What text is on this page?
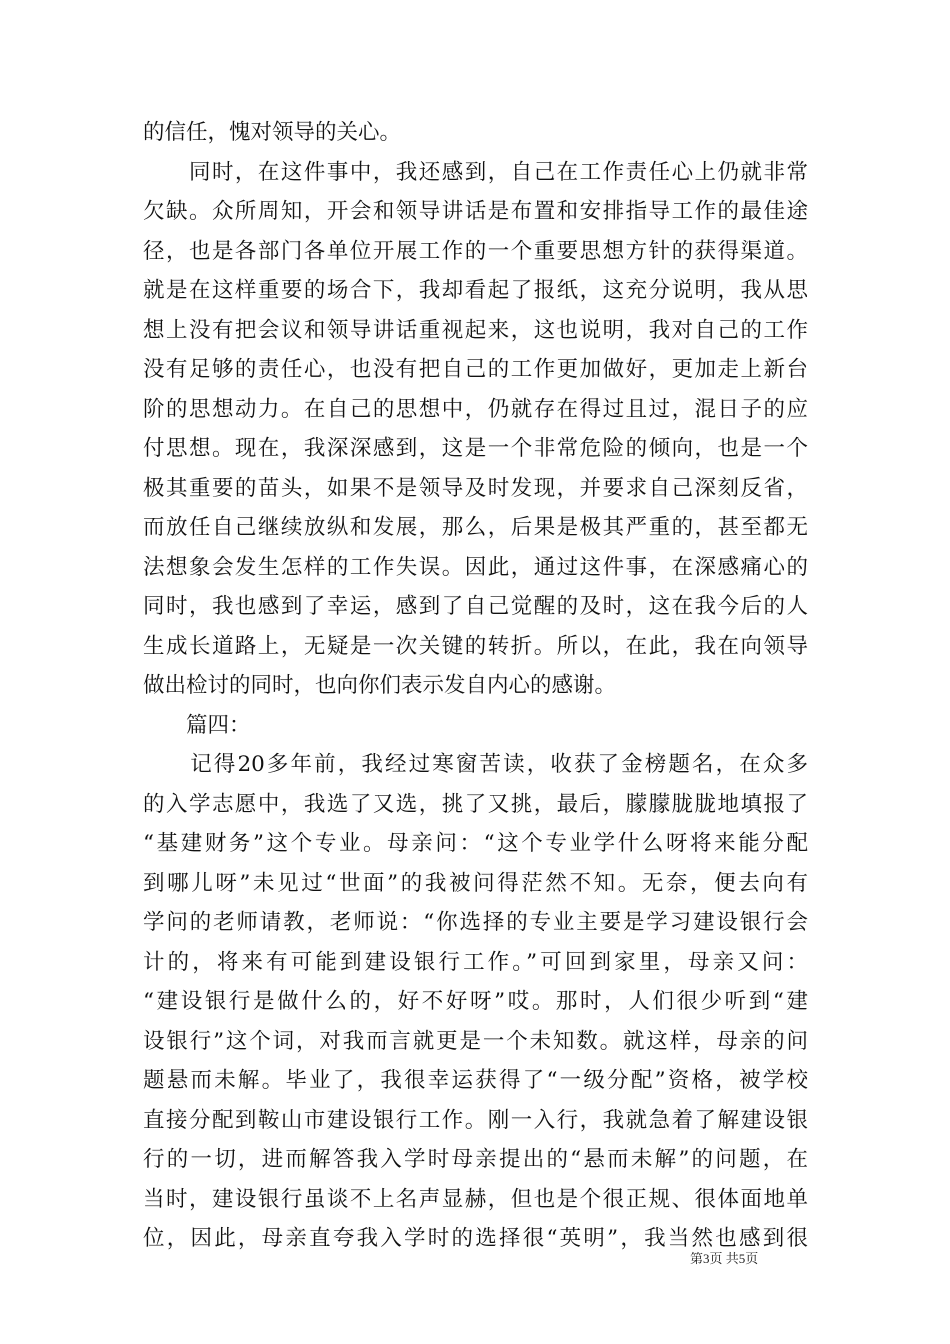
的信任，愧对领导的关心。
　　同时，在这件事中，我还感到，自己在工作责任心上仍就非常
欠缺。众所周知，开会和领导讲话是布置和安排指导工作的最佳途
径，也是各部门各单位开展工作的一个重要思想方针的获得渠道。
就是在这样重要的场合下，我却看起了报纸，这充分说明，我从思
想上没有把会议和领导讲话重视起来，这也说明，我对自己的工作
没有足够的责任心，也没有把自己的工作更加做好，更加走上新台
阶的思想动力。在自己的思想中，仍就存在得过且过，混日子的应
付思想。现在，我深深感到，这是一个非常危险的倾向，也是一个
极其重要的苗头，如果不是领导及时发现，并要求自己深刻反省，
而放任自己继续放纵和发展，那么，后果是极其严重的，甚至都无
法想象会发生怎样的工作失误。因此，通过这件事，在深感痛心的
同时，我也感到了幸运，感到了自己觉醒的及时，这在我今后的人
生成长道路上，无疑是一次关键的转折。所以，在此，我在向领导
做出检讨的同时，也向你们表示发自内心的感谢。
　　篇四：
　　记得20多年前，我经过寒窗苦读，收获了金榜题名，在众多
的入学志愿中，我选了又选，挑了又挑，最后，朦朦胧胧地填报了
“基建财务”这个专业。母亲问：“这个专业学什么呀将来能分配
到哪儿呀”未见过“世面”的我被问得茫然不知。无奈，便去向有
学问的老师请教，老师说：“你选择的专业主要是学习建设银行会
计的，将来有可能到建设银行工作。”可回到家里，母亲又问：
“建设银行是做什么的，好不好呀”哎。那时，人们很少听到“建
设银行”这个词，对我而言就更是一个未知数。就这样，母亲的问
题悬而未解。毕业了，我很幸运获得了“一级分配”资格，被学校
直接分配到鞍山市建设银行工作。刚一入行，我就急着了解建设银
行的一切，进而解答我入学时母亲提出的“悬而未解”的问题，在
当时，建设银行虽谈不上名声显赫，但也是个很正规、很体面地单
位，因此，母亲直夸我入学时的选择很“英明”，我当然也感到很
第3页 共5页
